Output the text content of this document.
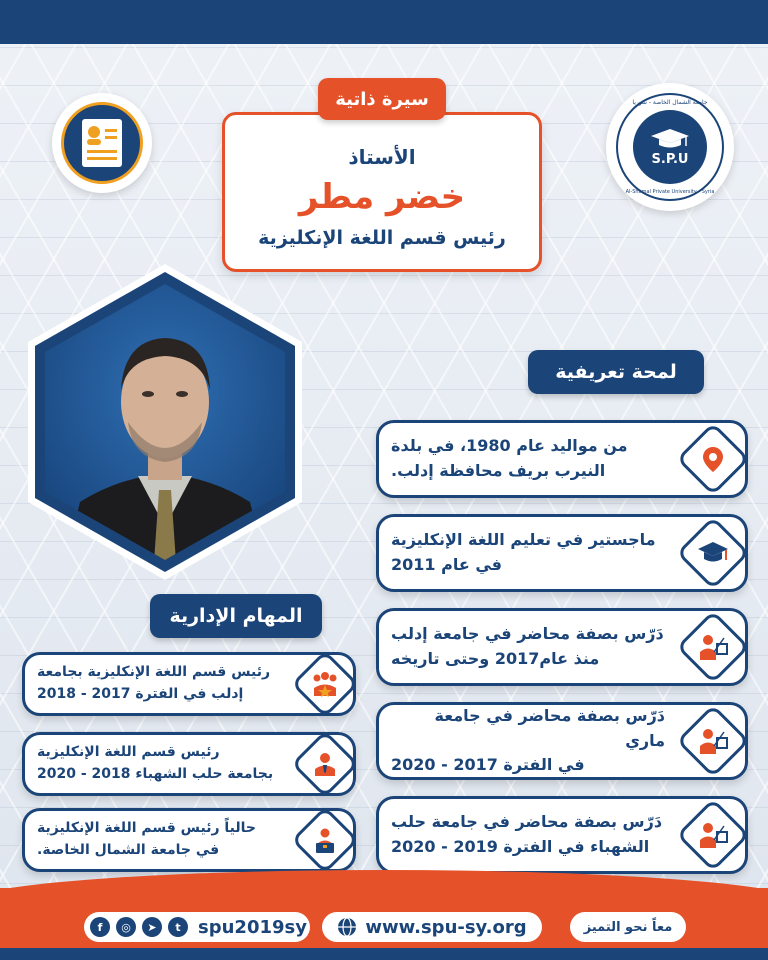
جامعة الشمال الخاصة - سوريا
S.P.U
Al-Shamal Private University - Syria
الأستاذ
خضر مطر
رئيس قسم اللغة الإنكليزية
سيرة ذاتية
لمحة تعريفية
المهام الإدارية
من مواليد عام 1980، في بلدة
النيرب بريف محافظة إدلب.
ماجستير في تعليم اللغة الإنكليزية
في عام 2011
دَرّس بصفة محاضر في جامعة إدلب
منذ عام2017 وحتى تاريخه
دَرّس بصفة محاضر في جامعة ماري
في الفترة 2017 - 2020
دَرّس بصفة محاضر في جامعة حلب
الشهباء في الفترة 2019 - 2020
رئيس قسم اللغة الإنكليزية بجامعة
إدلب في الفترة 2017 - 2018
رئيس قسم اللغة الإنكليزية
بجامعة حلب الشهباء 2018 - 2020
حالياً رئيس قسم اللغة الإنكليزية
في جامعة الشمال الخاصة.
f	◎	➤	t spu2019sy	www.spu-sy.org	معاً نحو التميز
